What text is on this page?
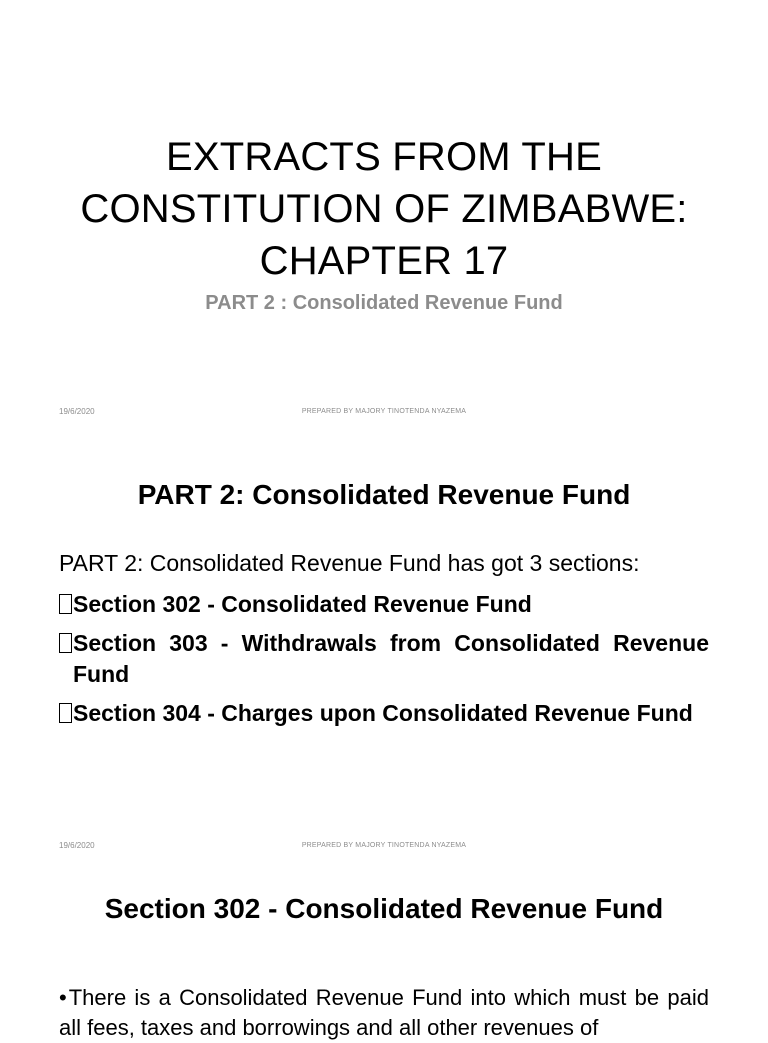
EXTRACTS FROM THE
CONSTITUTION OF ZIMBABWE:
CHAPTER 17
PART 2 : Consolidated Revenue Fund
19/6/2020	PREPARED BY MAJORY TINOTENDA NYAZEMA
PART 2: Consolidated Revenue Fund
PART 2: Consolidated Revenue Fund has got 3 sections:
Section 302 - Consolidated Revenue Fund
Section 303 - Withdrawals from Consolidated Revenue Fund
Section 304 - Charges upon Consolidated Revenue Fund
19/6/2020	PREPARED BY MAJORY TINOTENDA NYAZEMA
Section 302 - Consolidated Revenue Fund
•There is a Consolidated Revenue Fund into which must be paid all fees, taxes and borrowings and all other revenues of
